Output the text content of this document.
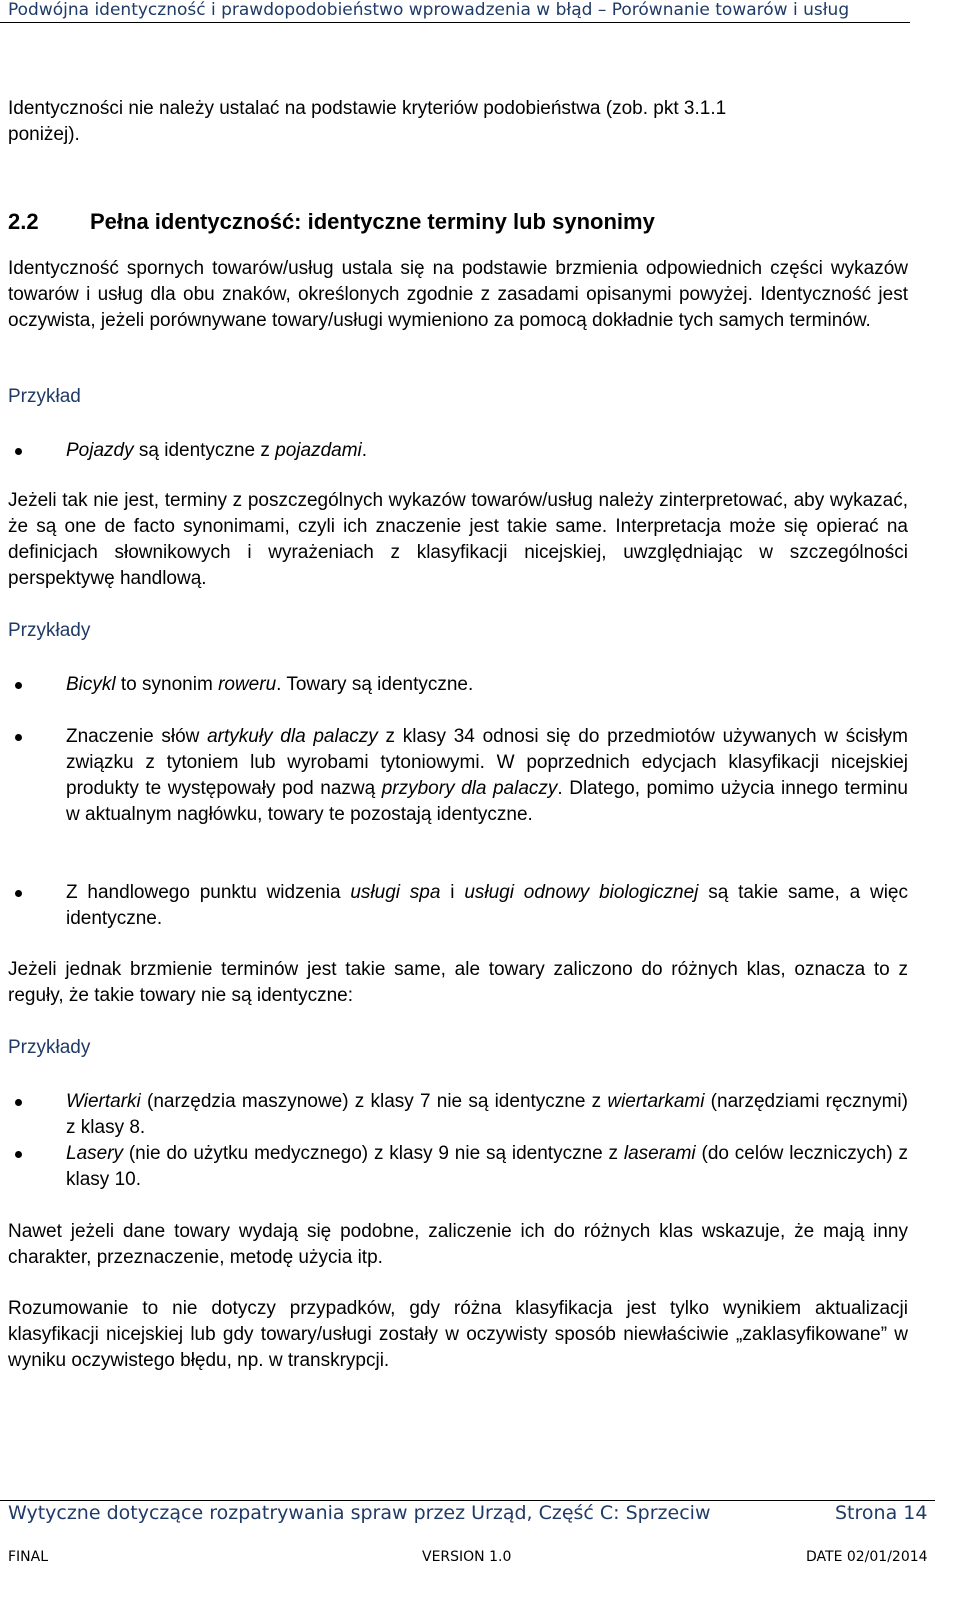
Podwójna identyczność i prawdopodobieństwo wprowadzenia w błąd – Porównanie towarów i usług

Identyczności nie należy ustalać na podstawie kryteriów podobieństwa (zob. pkt 3.1.1

poniżej).

2.2 Pełna identyczność: identyczne terminy lub synonimy

Identyczność spornych towarów/usług ustala się na podstawie brzmienia odpowiednich części wykazów towarów i usług dla obu znaków, określonych zgodnie z zasadami opisanymi powyżej. Identyczność jest oczywista, jeżeli porównywane towary/usługi wymieniono za pomocą dokładnie tych samych terminów.

Przykład

Pojazdy są identyczne z pojazdami.

Jeżeli tak nie jest, terminy z poszczególnych wykazów towarów/usług należy zinterpretować, aby wykazać, że są one de facto synonimami, czyli ich znaczenie jest takie same. Interpretacja może się opierać na definicjach słownikowych i wyrażeniach z klasyfikacji nicejskiej, uwzględniając w szczególności perspektywę handlową.

Przykłady

Bicykl to synonim roweru. Towary są identyczne.

Znaczenie słów artykuły dla palaczy z klasy 34 odnosi się do przedmiotów używanych w ścisłym związku z tytoniem lub wyrobami tytoniowymi. W poprzednich edycjach klasyfikacji nicejskiej produkty te występowały pod nazwą przybory dla palaczy. Dlatego, pomimo użycia innego terminu w aktualnym nagłówku, towary te pozostają identyczne.

Z handlowego punktu widzenia usługi spa i usługi odnowy biologicznej są takie same, a więc identyczne.

Jeżeli jednak brzmienie terminów jest takie same, ale towary zaliczono do różnych klas, oznacza to z reguły, że takie towary nie są identyczne:

Przykłady

Wiertarki (narzędzia maszynowe) z klasy 7 nie są identyczne z wiertarkami (narzędziami ręcznymi) z klasy 8.

Lasery (nie do użytku medycznego) z klasy 9 nie są identyczne z laserami (do celów leczniczych) z klasy 10.

Nawet jeżeli dane towary wydają się podobne, zaliczenie ich do różnych klas wskazuje, że mają inny charakter, przeznaczenie, metodę użycia itp.

Rozumowanie to nie dotyczy przypadków, gdy różna klasyfikacja jest tylko wynikiem aktualizacji klasyfikacji nicejskiej lub gdy towary/usługi zostały w oczywisty sposób niewłaściwie „zaklasyfikowane” w wyniku oczywistego błędu, np. w transkrypcji.

Wytyczne dotyczące rozpatrywania spraw przez Urząd, Część C: Sprzeciw	Strona 14
FINAL	VERSION 1.0	DATE 02/01/2014
